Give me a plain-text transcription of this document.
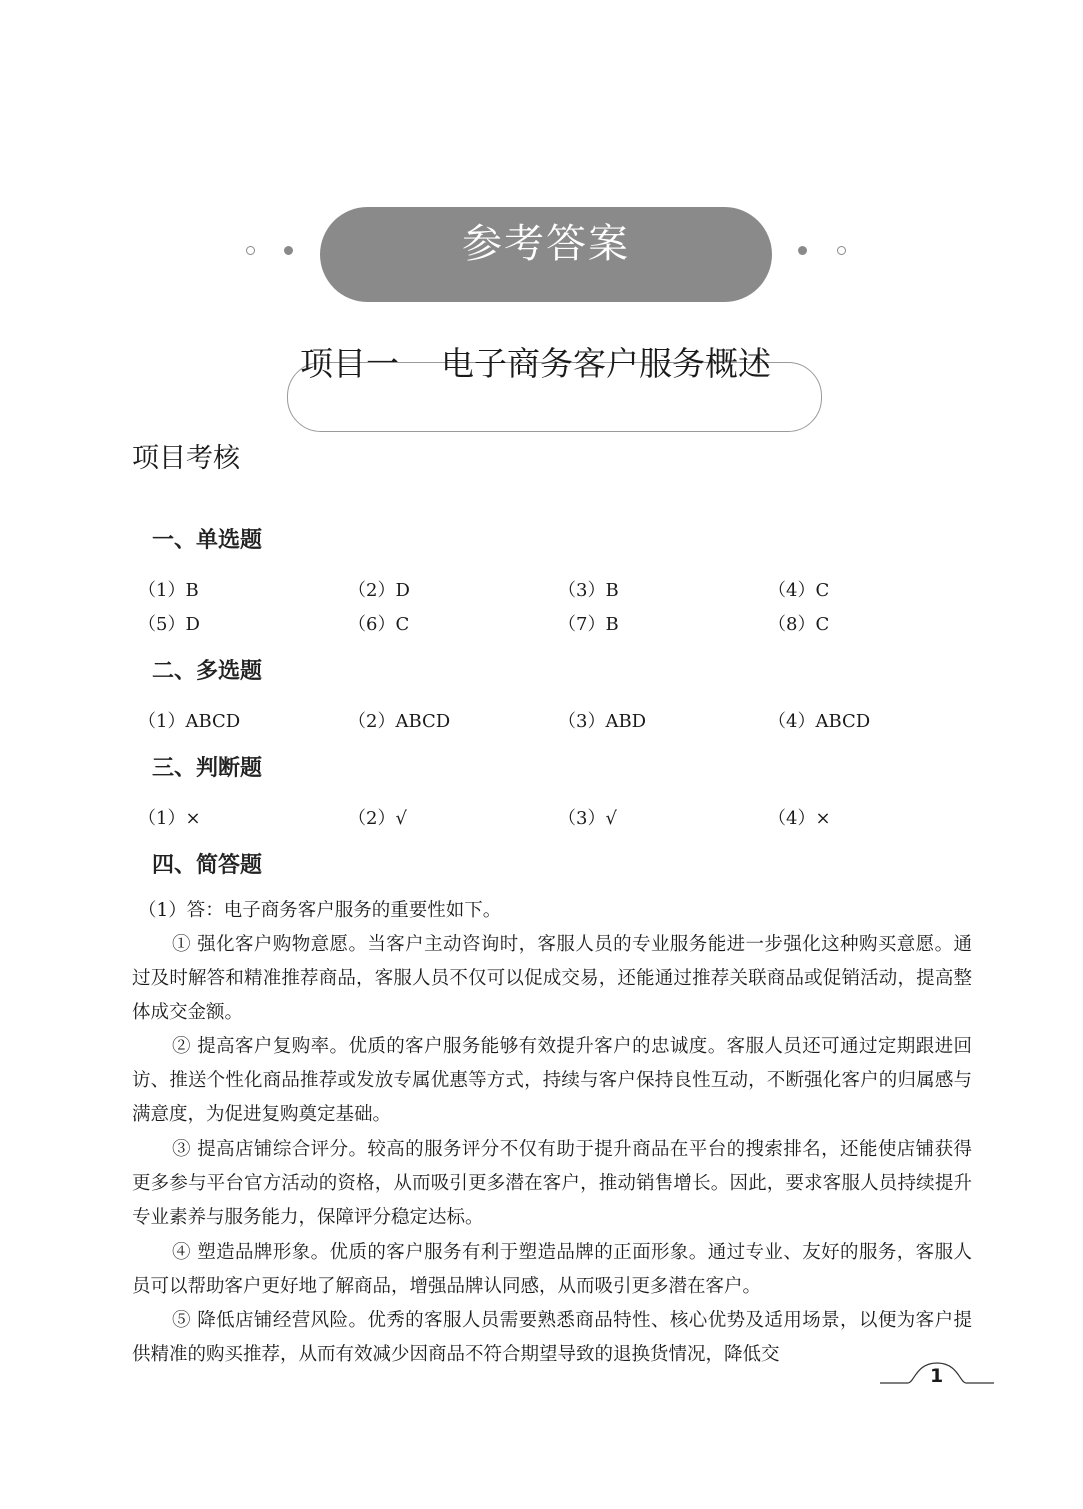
参考答案
项目一    电子商务客户服务概述
项目考核
一、单选题
（1）B	（2）D	（3）B	（4）C
（5）D	（6）C	（7）B	（8）C
二、多选题
（1）ABCD	（2）ABCD	（3）ABD	（4）ABCD
三、判断题
（1）×	（2）√	（3）√	（4）×
四、简答题
（1）答：电子商务客户服务的重要性如下。
① 强化客户购物意愿。当客户主动咨询时，客服人员的专业服务能进一步强化这种购买意愿。通过及时解答和精准推荐商品，客服人员不仅可以促成交易，还能通过推荐关联商品或促销活动，提高整体成交金额。
② 提高客户复购率。优质的客户服务能够有效提升客户的忠诚度。客服人员还可通过定期跟进回访、推送个性化商品推荐或发放专属优惠等方式，持续与客户保持良性互动，不断强化客户的归属感与满意度，为促进复购奠定基础。
③ 提高店铺综合评分。较高的服务评分不仅有助于提升商品在平台的搜索排名，还能使店铺获得更多参与平台官方活动的资格，从而吸引更多潜在客户，推动销售增长。因此，要求客服人员持续提升专业素养与服务能力，保障评分稳定达标。
④ 塑造品牌形象。优质的客户服务有利于塑造品牌的正面形象。通过专业、友好的服务，客服人员可以帮助客户更好地了解商品，增强品牌认同感，从而吸引更多潜在客户。
⑤ 降低店铺经营风险。优秀的客服人员需要熟悉商品特性、核心优势及适用场景，以便为客户提供精准的购买推荐，从而有效减少因商品不符合期望导致的退换货情况，降低交
1
